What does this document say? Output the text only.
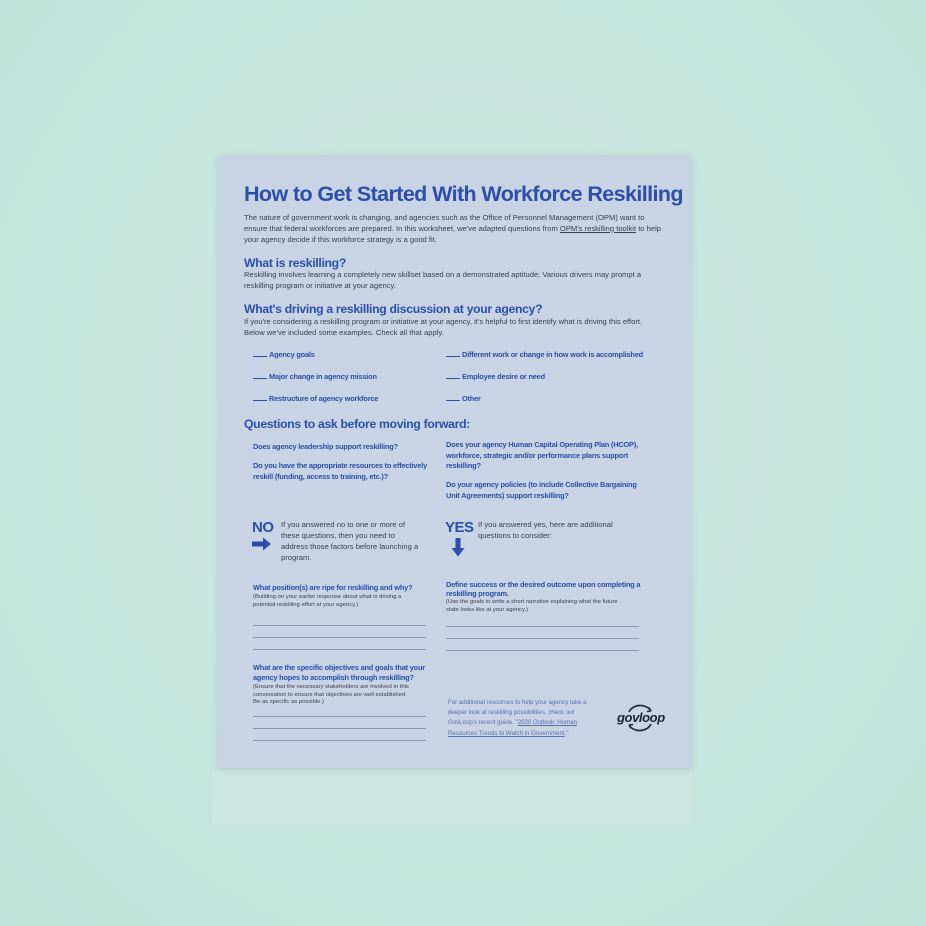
How to Get Started With Workforce Reskilling
The nature of government work is changing, and agencies such as the Office of Personnel Management (OPM) want to ensure that federal workforces are prepared. In this worksheet, we've adapted questions from OPM's reskilling toolkit to help your agency decide if this workforce strategy is a good fit.
What is reskilling?
Reskilling involves learning a completely new skillset based on a demonstrated aptitude. Various drivers may prompt a reskilling program or initiative at your agency.
What's driving a reskilling discussion at your agency?
If you're considering a reskilling program or initiative at your agency, it's helpful to first identify what is driving this effort. Below we've included some examples. Check all that apply.
Agency goals	Different work or change in how work is accomplished
Major change in agency mission	Employee desire or need
Restructure of agency workforce	Other
Questions to ask before moving forward:
Does agency leadership support reskilling?
Do you have the appropriate resources to effectively reskill (funding, access to training, etc.)?
Does your agency Human Capital Operating Plan (HCOP), workforce, strategic and/or performance plans support reskilling?
Do your agency policies (to include Collective Bargaining Unit Agreements) support reskilling?
NO If you answered no to one or more of these questions, then you need to address those factors before launching a program.
YES If you answered yes, here are additional questions to consider:
What position(s) are ripe for reskilling and why?
(Building on your earlier response about what is driving a potential reskilling effort at your agency.)
Define success or the desired outcome upon completing a reskilling program.
(Use the goals to write a short narrative explaining what the future state looks like at your agency.)
What are the specific objectives and goals that your agency hopes to accomplish through reskilling?
(Ensure that the necessary stakeholders are involved in this conversation to ensure that objectives are well established. Be as specific as possible.)	For additional resources to help your agency take a deeper look at reskilling possibilities, check out GovLoop's recent guide, "2020 Outlook: Human Resources Trends to Watch in Government."
govloop
